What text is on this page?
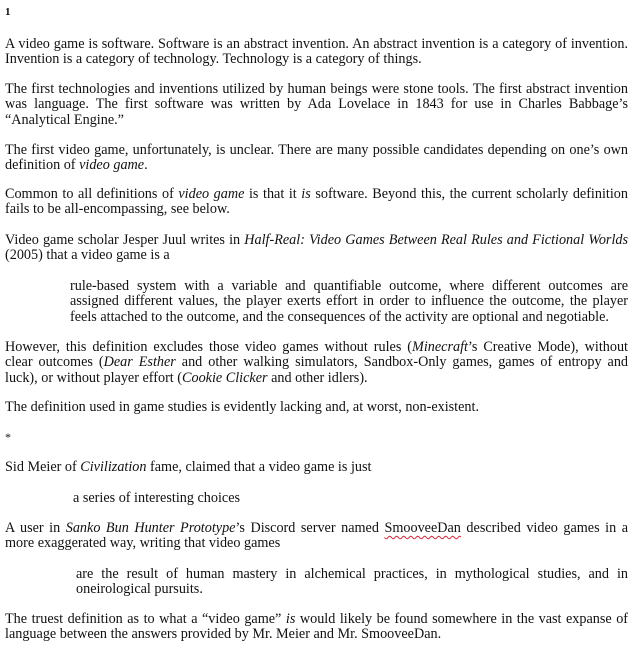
1

A video game is software. Software is an abstract invention. An abstract invention is a category of invention. Invention is a category of technology. Technology is a category of things.

The first technologies and inventions utilized by human beings were stone tools. The first abstract invention was language. The first software was written by Ada Lovelace in 1843 for use in Charles Babbage’s “Analytical Engine.”

The first video game, unfortunately, is unclear. There are many possible candidates depending on one’s own definition of video game.

Common to all definitions of video game is that it is software. Beyond this, the current scholarly definition fails to be all-encompassing, see below.

Video game scholar Jesper Juul writes in Half-Real: Video Games Between Real Rules and Fictional Worlds (2005) that a video game is a

rule-based system with a variable and quantifiable outcome, where different outcomes are assigned different values, the player exerts effort in order to influence the outcome, the player feels attached to the outcome, and the consequences of the activity are optional and negotiable.

However, this definition excludes those video games without rules (Minecraft’s Creative Mode), without clear outcomes (Dear Esther and other walking simulators, Sandbox-Only games, games of entropy and luck), or without player effort (Cookie Clicker and other idlers).

The definition used in game studies is evidently lacking and, at worst, non-existent.

*

Sid Meier of Civilization fame, claimed that a video game is just

a series of interesting choices

A user in Sanko Bun Hunter Prototype’s Discord server named SmooveeDan described video games in a more exaggerated way, writing that video games

are the result of human mastery in alchemical practices, in mythological studies, and in oneirological pursuits.

The truest definition as to what a “video game” is would likely be found somewhere in the vast expanse of language between the answers provided by Mr. Meier and Mr. SmooveeDan.
